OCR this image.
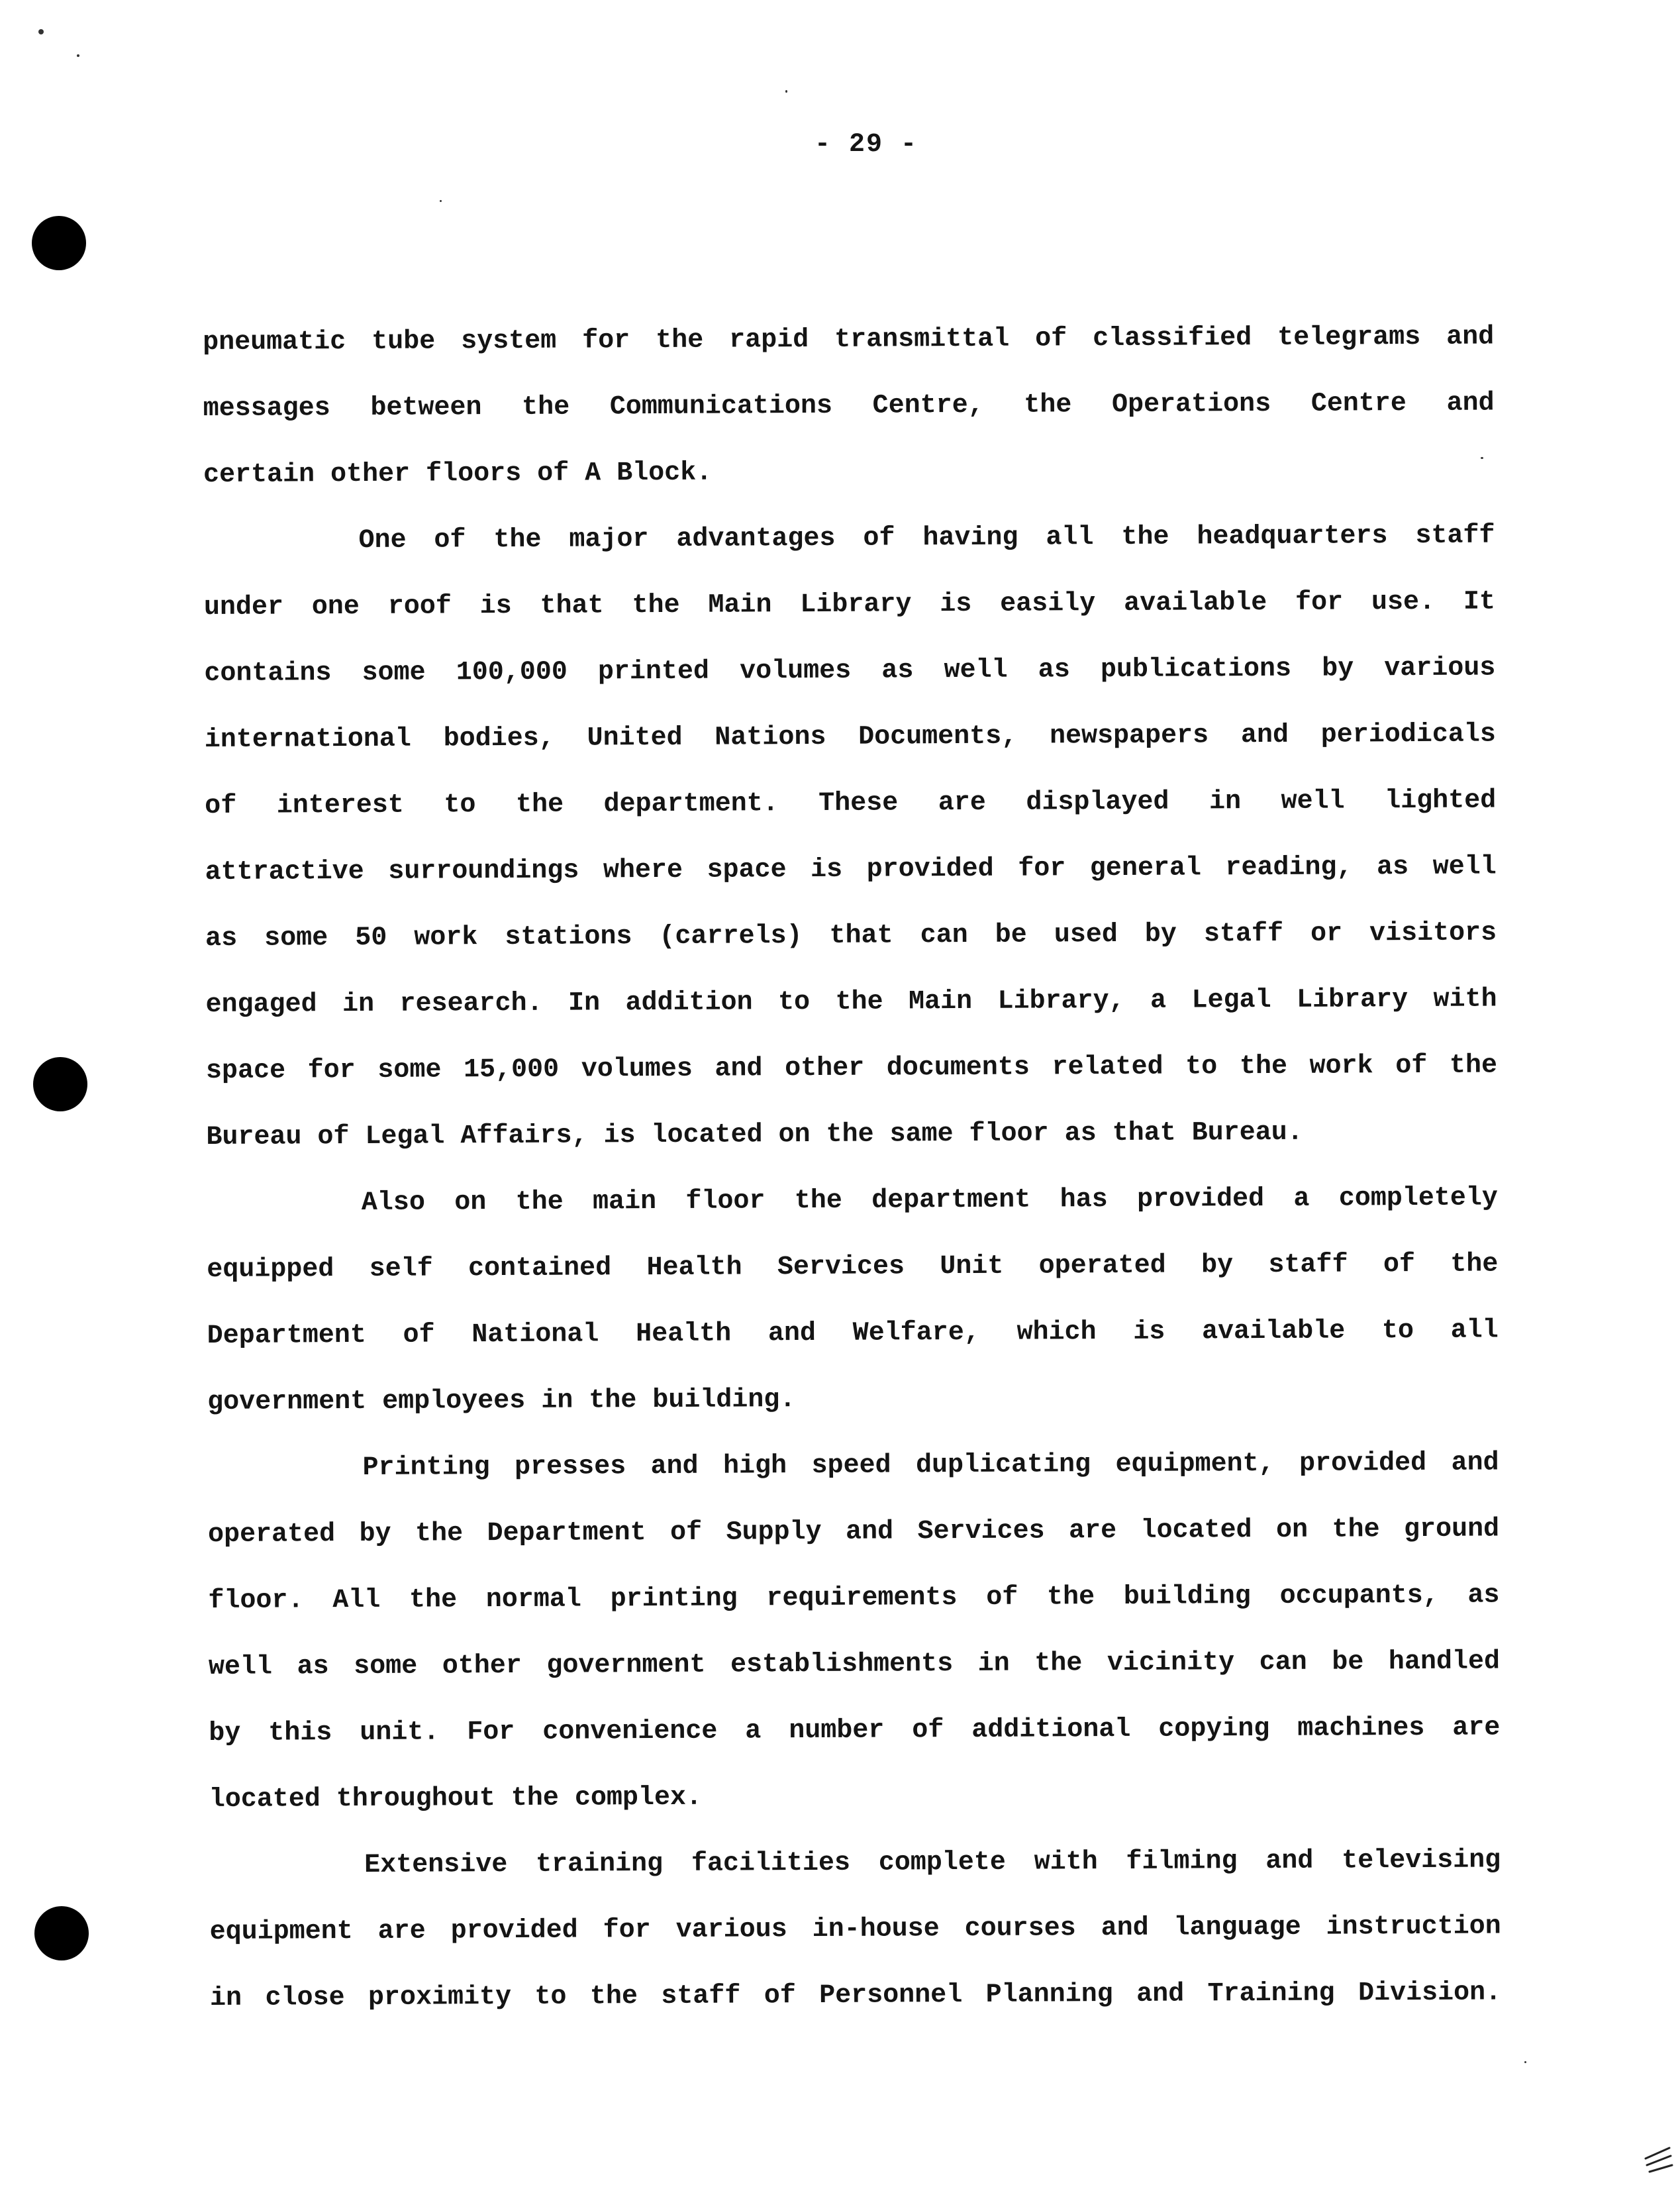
- 29 -
pneumatic tube system for the rapid transmittal of classified telegrams and
messages between the Communications Centre, the Operations Centre and
certain other floors of A Block.
One of the major advantages of having all the headquarters staff
under one roof is that the Main Library is easily available for use. It
contains some 100,000 printed volumes as well as publications by various
international bodies, United Nations Documents, newspapers and periodicals
of interest to the department. These are displayed in well lighted
attractive surroundings where space is provided for general reading, as well
as some 50 work stations (carrels) that can be used by staff or visitors
engaged in research. In addition to the Main Library, a Legal Library with
space for some 15,000 volumes and other documents related to the work of the
Bureau of Legal Affairs, is located on the same floor as that Bureau.
Also on the main floor the department has provided a completely
equipped self contained Health Services Unit operated by staff of the
Department of National Health and Welfare, which is available to all
government employees in the building.
Printing presses and high speed duplicating equipment, provided and
operated by the Department of Supply and Services are located on the ground
floor. All the normal printing requirements of the building occupants, as
well as some other government establishments in the vicinity can be handled
by this unit. For convenience a number of additional copying machines are
located throughout the complex.
Extensive training facilities complete with filming and televising
equipment are provided for various in-house courses and language instruction
in close proximity to the staff of Personnel Planning and Training Division.
